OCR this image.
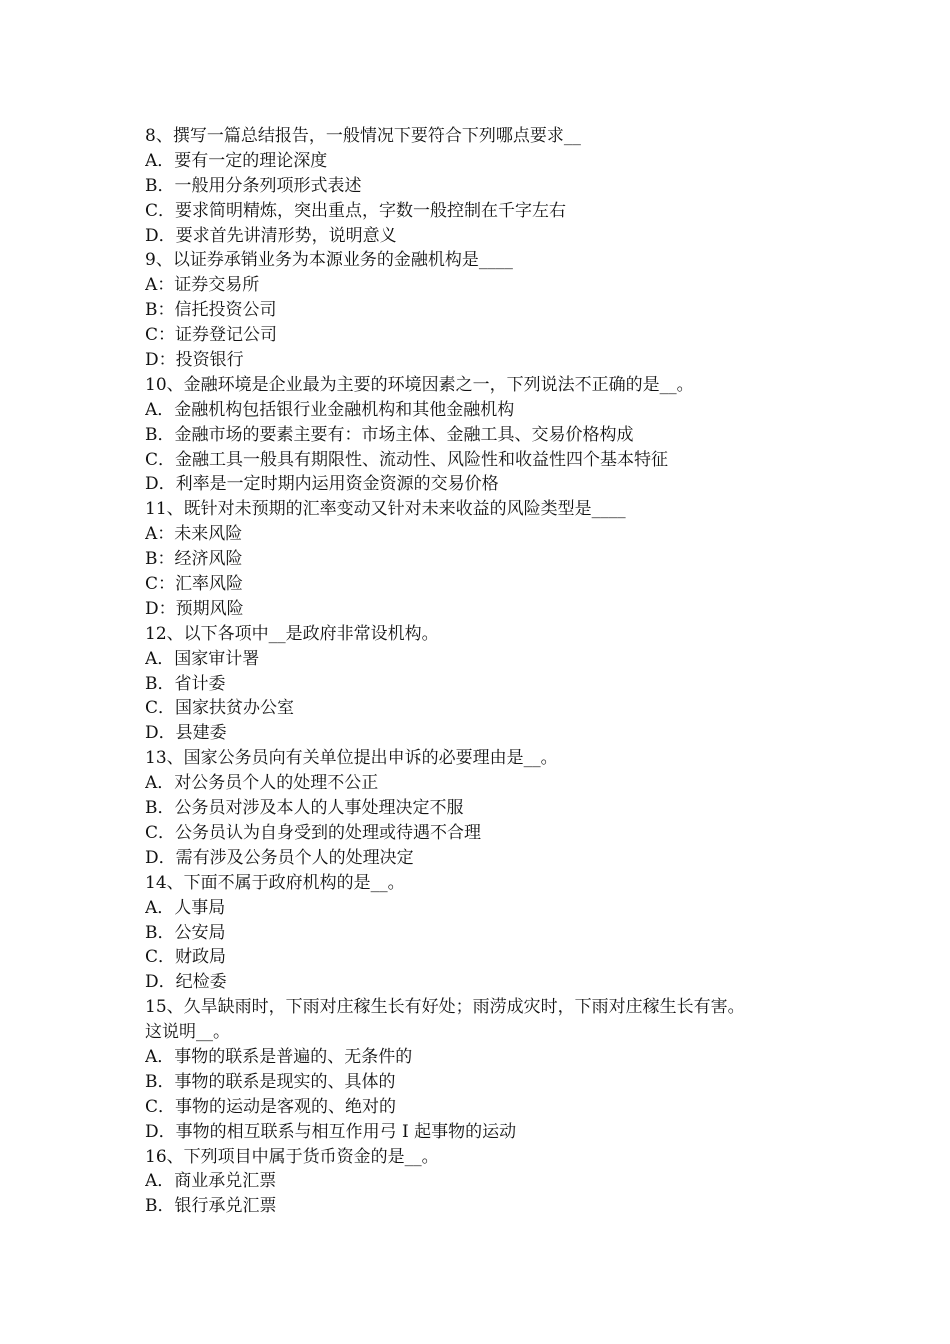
8、撰写一篇总结报告，一般情况下要符合下列哪点要求__
A．要有一定的理论深度
B．一般用分条列项形式表述
C．要求简明精炼，突出重点，字数一般控制在千字左右
D．要求首先讲清形势，说明意义
9、以证券承销业务为本源业务的金融机构是____
A：证券交易所
B：信托投资公司
C：证券登记公司
D：投资银行
10、金融环境是企业最为主要的环境因素之一，下列说法不正确的是__。
A．金融机构包括银行业金融机构和其他金融机构
B．金融市场的要素主要有：市场主体、金融工具、交易价格构成
C．金融工具一般具有期限性、流动性、风险性和收益性四个基本特征
D．利率是一定时期内运用资金资源的交易价格
11、既针对未预期的汇率变动又针对未来收益的风险类型是____
A：未来风险
B：经济风险
C：汇率风险
D：预期风险
12、以下各项中__是政府非常设机构。
A．国家审计署
B．省计委
C．国家扶贫办公室
D．县建委
13、国家公务员向有关单位提出申诉的必要理由是__。
A．对公务员个人的处理不公正
B．公务员对涉及本人的人事处理决定不服
C．公务员认为自身受到的处理或待遇不合理
D．需有涉及公务员个人的处理决定
14、下面不属于政府机构的是__。
A．人事局
B．公安局
C．财政局
D．纪检委
15、久旱缺雨时，下雨对庄稼生长有好处；雨涝成灾时，下雨对庄稼生长有害。
这说明__。
A．事物的联系是普遍的、无条件的
B．事物的联系是现实的、具体的
C．事物的运动是客观的、绝对的
D．事物的相互联系与相互作用弓 I 起事物的运动
16、下列项目中属于货币资金的是__。
A．商业承兑汇票
B．银行承兑汇票
